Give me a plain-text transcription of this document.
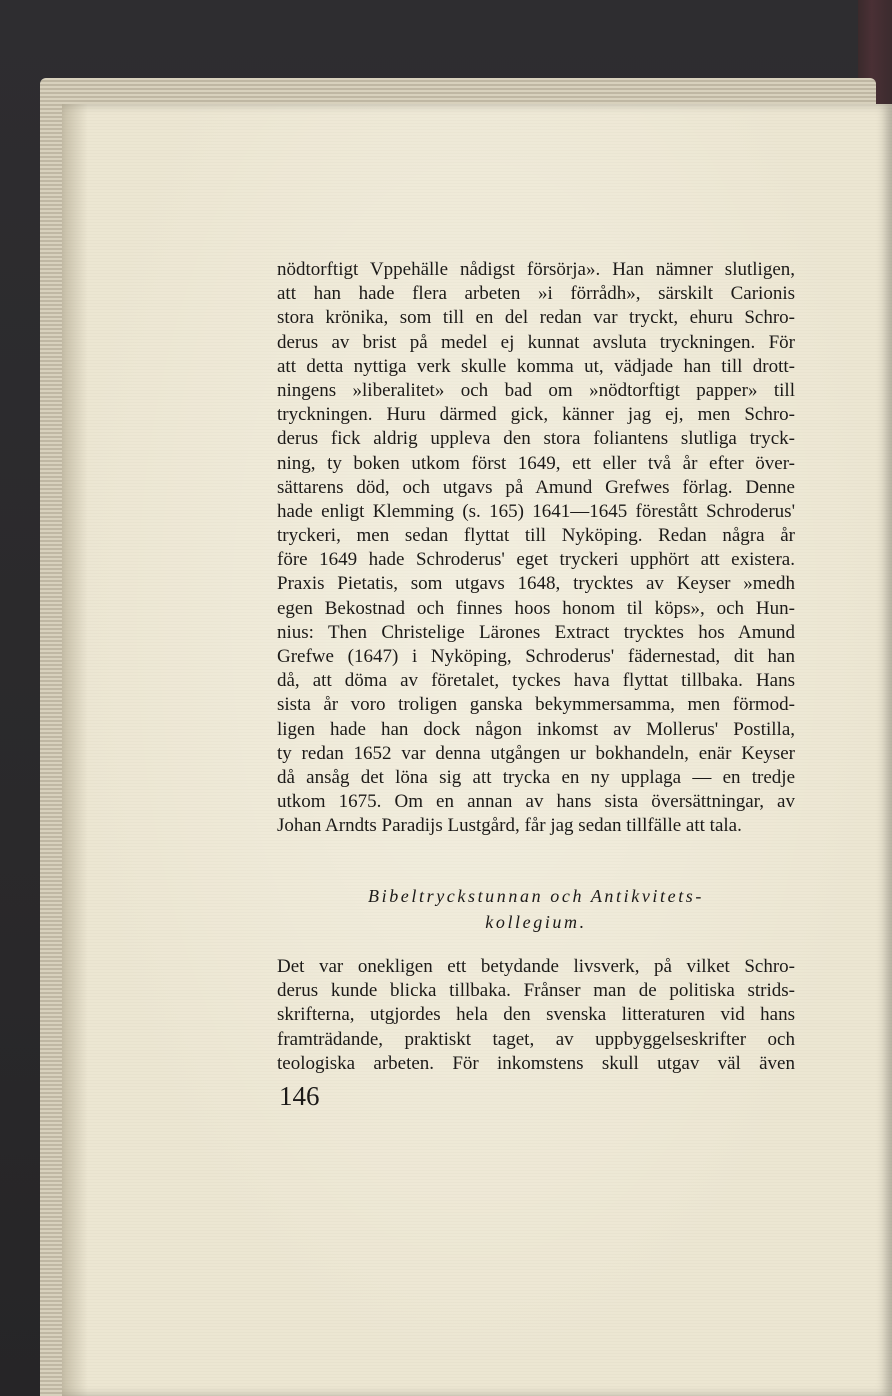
nödtorftigt Vppehälle nådigst försörja». Han nämner slutligen,
att han hade flera arbeten »i förrådh», särskilt Carionis
stora krönika, som till en del redan var tryckt, ehuru Schro-
derus av brist på medel ej kunnat avsluta tryckningen. För
att detta nyttiga verk skulle komma ut, vädjade han till drott-
ningens »liberalitet» och bad om »nödtorftigt papper» till
tryckningen. Huru därmed gick, känner jag ej, men Schro-
derus fick aldrig uppleva den stora foliantens slutliga tryck-
ning, ty boken utkom först 1649, ett eller två år efter över-
sättarens död, och utgavs på Amund Grefwes förlag. Denne
hade enligt Klemming (s. 165) 1641—1645 förestått Schroderus'
tryckeri, men sedan flyttat till Nyköping. Redan några år
före 1649 hade Schroderus' eget tryckeri upphört att existera.
Praxis Pietatis, som utgavs 1648, trycktes av Keyser »medh
egen Bekostnad och finnes hoos honom til köps», och Hun-
nius: Then Christelige Lärones Extract trycktes hos Amund
Grefwe (1647) i Nyköping, Schroderus' fädernestad, dit han
då, att döma av företalet, tyckes hava flyttat tillbaka. Hans
sista år voro troligen ganska bekymmersamma, men förmod-
ligen hade han dock någon inkomst av Mollerus' Postilla,
ty redan 1652 var denna utgången ur bokhandeln, enär Keyser
då ansåg det löna sig att trycka en ny upplaga — en tredje
utkom 1675. Om en annan av hans sista översättningar, av
Johan Arndts Paradijs Lustgård, får jag sedan tillfälle att tala.
Bibeltryckstunnan och Antikvitets-
kollegium.
Det var onekligen ett betydande livsverk, på vilket Schro-
derus kunde blicka tillbaka. Frånser man de politiska strids-
skrifterna, utgjordes hela den svenska litteraturen vid hans
framträdande, praktiskt taget, av uppbyggelseskrifter och
teologiska arbeten. För inkomstens skull utgav väl även
146
